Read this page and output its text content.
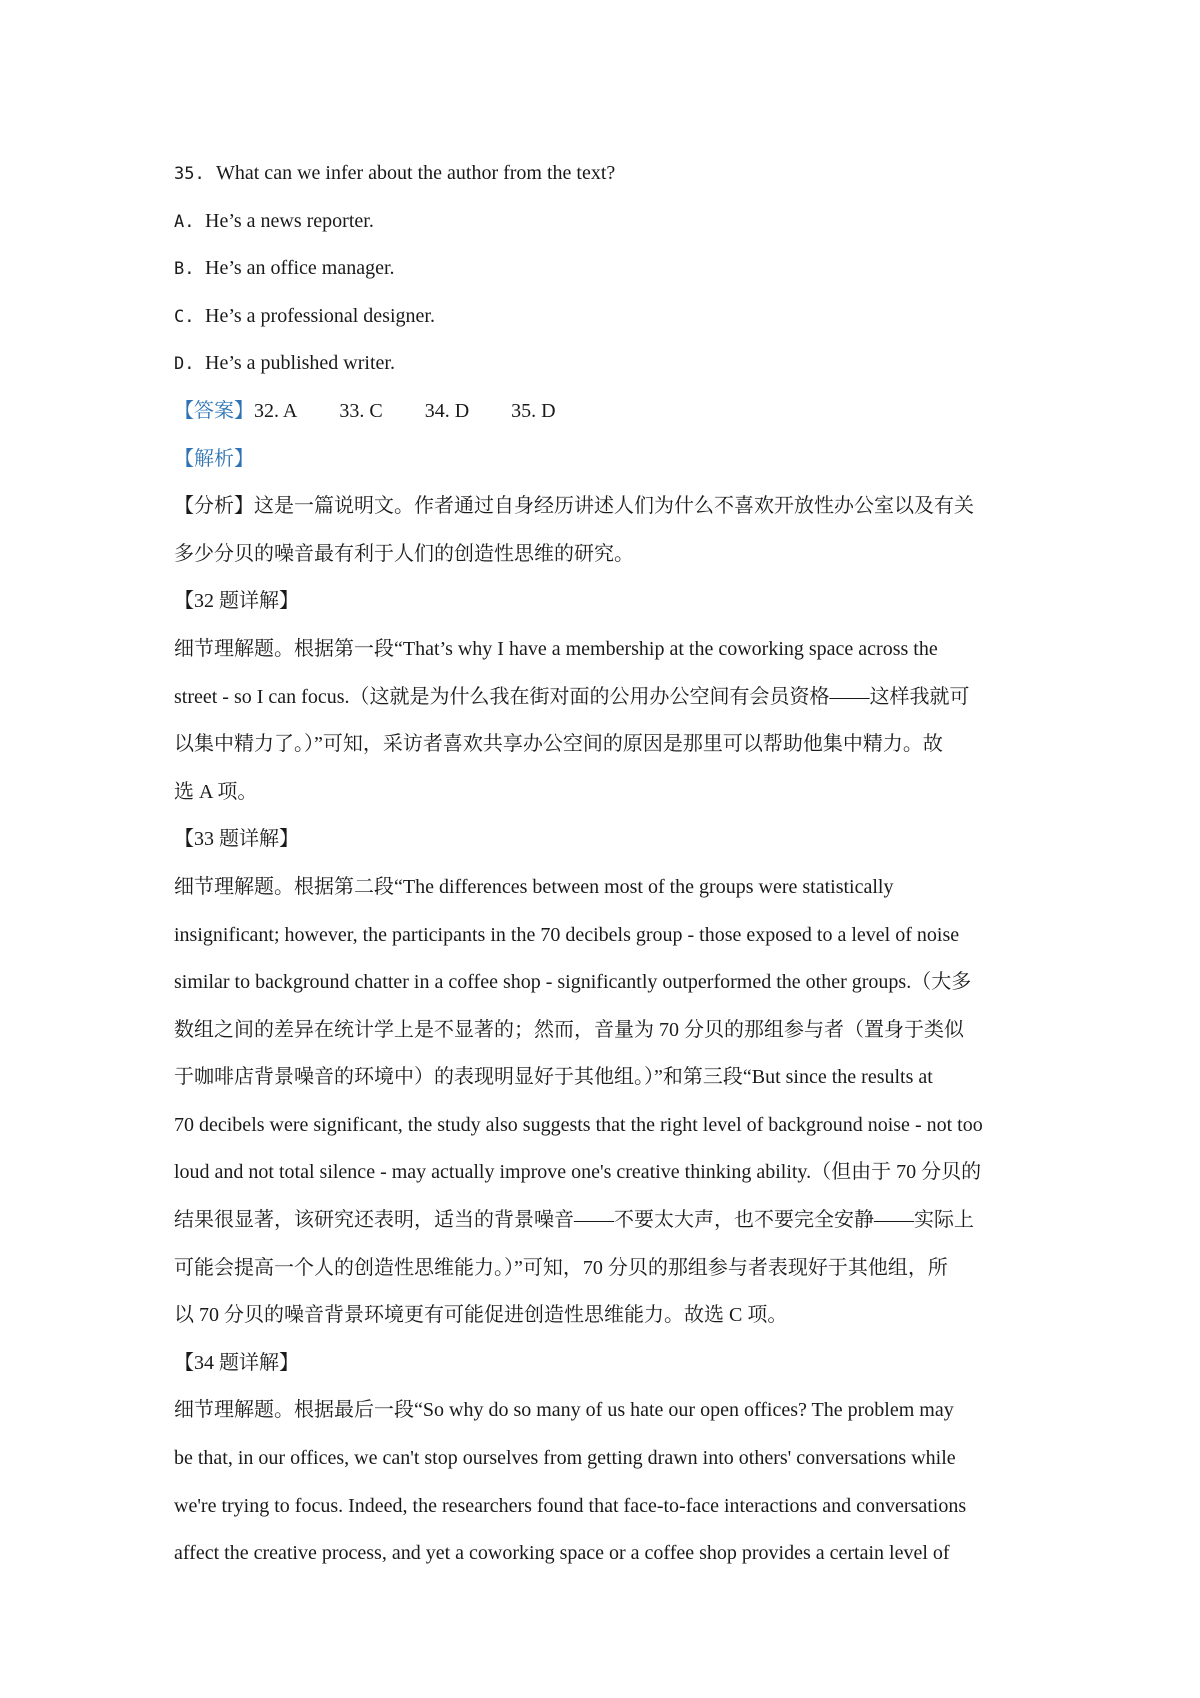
35. What can we infer about the author from the text?
A. He’s a news reporter.
B. He’s an office manager.
C. He’s a professional designer.
D. He’s a published writer.
【答案】32. A 33. C 34. D 35. D
【解析】
【分析】这是一篇说明文。作者通过自身经历讲述人们为什么不喜欢开放性办公室以及有关
多少分贝的噪音最有利于人们的创造性思维的研究。
【32 题详解】
细节理解题。根据第一段“That’s why I have a membership at the coworking space across the
street - so I can focus.（这就是为什么我在街对面的公用办公空间有会员资格——这样我就可
以集中精力了。）”可知，采访者喜欢共享办公空间的原因是那里可以帮助他集中精力。故
选 A 项。
【33 题详解】
细节理解题。根据第二段“The differences between most of the groups were statistically
insignificant; however, the participants in the 70 decibels group - those exposed to a level of noise
similar to background chatter in a coffee shop - significantly outperformed the other groups.（大多
数组之间的差异在统计学上是不显著的；然而，音量为 70 分贝的那组参与者（置身于类似
于咖啡店背景噪音的环境中）的表现明显好于其他组。）”和第三段“But since the results at
70 decibels were significant, the study also suggests that the right level of background noise - not too
loud and not total silence - may actually improve one's creative thinking ability.（但由于 70 分贝的
结果很显著，该研究还表明，适当的背景噪音——不要太大声，也不要完全安静——实际上
可能会提高一个人的创造性思维能力。）”可知，70 分贝的那组参与者表现好于其他组，所
以 70 分贝的噪音背景环境更有可能促进创造性思维能力。故选 C 项。
【34 题详解】
细节理解题。根据最后一段“So why do so many of us hate our open offices? The problem may
be that, in our offices, we can't stop ourselves from getting drawn into others' conversations while
we're trying to focus. Indeed, the researchers found that face-to-face interactions and conversations
affect the creative process, and yet a coworking space or a coffee shop provides a certain level of
